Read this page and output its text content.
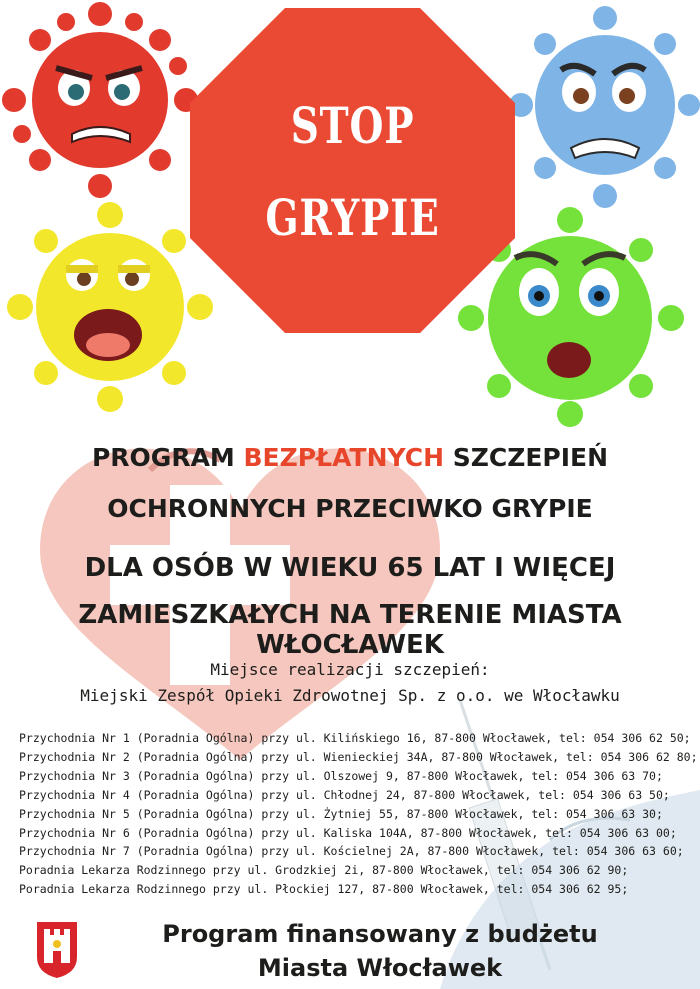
STOP
GRYPIE
PROGRAM BEZPŁATNYCH SZCZEPIEŃ
OCHRONNYCH PRZECIWKO GRYPIE
DLA OSÓB W WIEKU 65 LAT I WIĘCEJ
ZAMIESZKAŁYCH NA TERENIE MIASTA WŁOCŁAWEK
Miejsce realizacji szczepień:
Miejski Zespół Opieki Zdrowotnej Sp. z o.o. we Włocławku
Przychodnia Nr 1 (Poradnia Ogólna) przy ul. Kilińskiego 16, 87-800 Włocławek, tel: 054 306 62 50;
Przychodnia Nr 2 (Poradnia Ogólna) przy ul. Wienieckiej 34A, 87-800 Włocławek, tel: 054 306 62 80;
Przychodnia Nr 3 (Poradnia Ogólna) przy ul. Olszowej 9, 87-800 Włocławek, tel: 054 306 63 70;
Przychodnia Nr 4 (Poradnia Ogólna) przy ul. Chłodnej 24, 87-800 Włocławek, tel: 054 306 63 50;
Przychodnia Nr 5 (Poradnia Ogólna) przy ul. Żytniej 55, 87-800 Włocławek, tel: 054 306 63 30;
Przychodnia Nr 6 (Poradnia Ogólna) przy ul. Kaliska 104A, 87-800 Włocławek, tel: 054 306 63 00;
Przychodnia Nr 7 (Poradnia Ogólna) przy ul. Kościelnej 2A, 87-800 Włocławek, tel: 054 306 63 60;
Poradnia Lekarza Rodzinnego przy ul. Grodzkiej 2i, 87-800 Włocławek, tel: 054 306 62 90;
Poradnia Lekarza Rodzinnego przy ul. Płockiej 127, 87-800 Włocławek, tel: 054 306 62 95;
Program finansowany z budżetu
Miasta Włocławek
